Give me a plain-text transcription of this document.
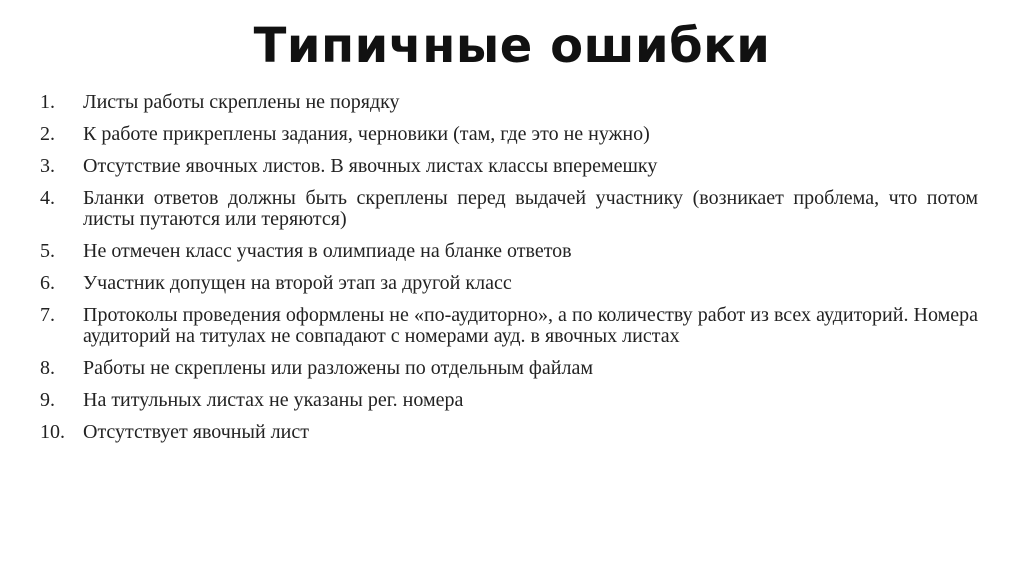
Типичные ошибки
1.	Листы работы скреплены не порядку
2.	К работе прикреплены задания, черновики (там, где это не нужно)
3.	Отсутствие явочных листов. В явочных листах классы вперемешку
4.	Бланки ответов должны быть скреплены перед выдачей участнику (возникает проблема, что потом листы путаются или теряются)
5.	Не отмечен класс участия в олимпиаде на бланке ответов
6.	Участник допущен на второй этап за другой класс
7.	Протоколы проведения оформлены не «по-аудиторно», а по количеству работ из всех аудиторий. Номера аудиторий на титулах не совпадают с номерами ауд. в явочных листах
8.	Работы не скреплены или разложены по отдельным файлам
9.	На титульных листах не указаны рег. номера
10. Отсутствует явочный лист
